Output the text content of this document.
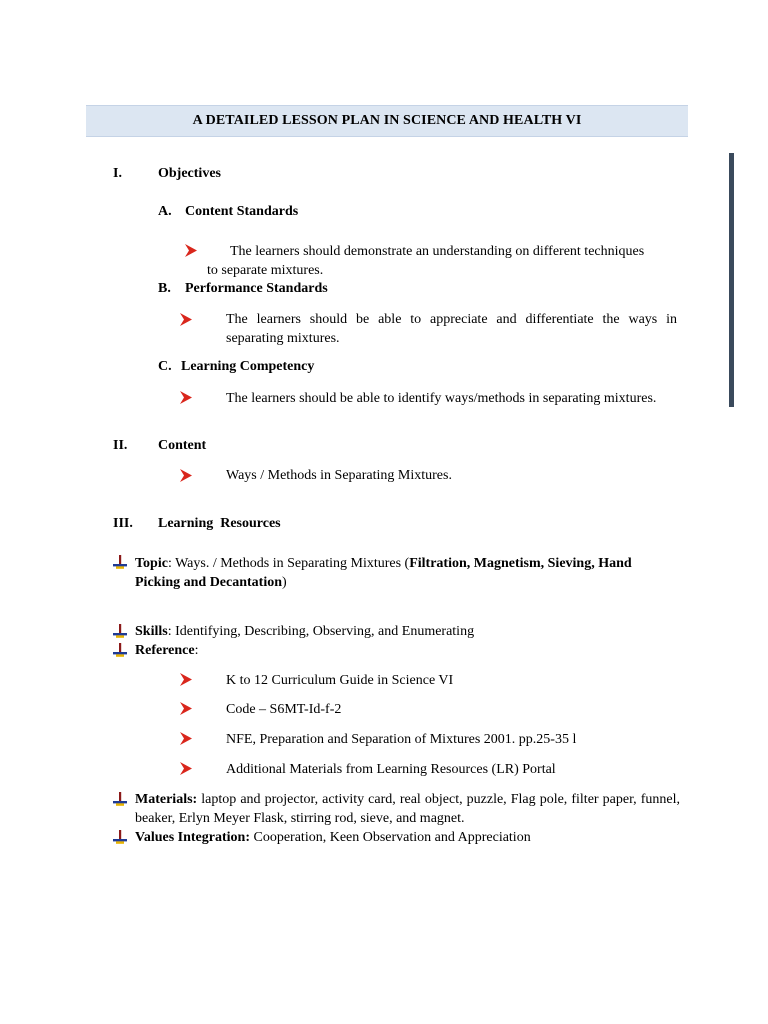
A DETAILED LESSON PLAN IN SCIENCE AND HEALTH VI
I.	Objectives
A. Content Standards
The learners should demonstrate an understanding on different techniques
to separate mixtures.
B. Performance Standards
The learners should be able to appreciate and differentiate the ways in separating mixtures.
C. Learning Competency
The learners should be able to identify ways/methods in separating mixtures.
II. Content
Ways / Methods in Separating Mixtures.
III. Learning  Resources
Topic: Ways. / Methods in Separating Mixtures (Filtration, Magnetism, Sieving, Hand Picking and Decantation)
Skills: Identifying, Describing, Observing, and Enumerating
Reference:
K to 12 Curriculum Guide in Science VI
Code – S6MT-Id-f-2
NFE, Preparation and Separation of Mixtures 2001. pp.25-35 l
Additional Materials from Learning Resources (LR) Portal
Materials: laptop and projector, activity card, real object, puzzle, Flag pole, filter paper, funnel, beaker, Erlyn Meyer Flask, stirring rod, sieve, and magnet.
Values Integration: Cooperation, Keen Observation and Appreciation
